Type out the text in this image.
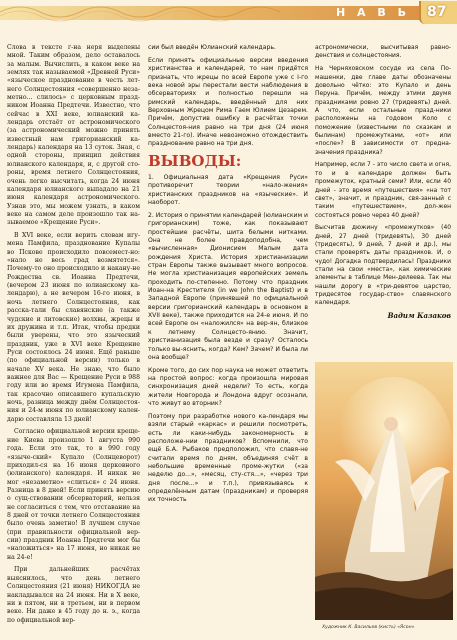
Н А В Ь 87

Слова в тексте г-на неря выделены мной. Таким образом, дело оставалось за малым. Вычислить, в каком веке на землях так называемой «Древней Руси» «языческое празднование в честь лет-него Солнцестояния «совершенно неза-метно... слилось» с церковным празд-ником Иоанна Предтечи. Известно, что сейчас в XXI веке, юлианский ка-лендарь отстаёт от астрономического (за астрономический можно принять известный нам григорианский ка-лендарь) календаря на 13 суток. Зная, с одной стороны, принцип действия юлианского календаря, и, с другой сто-роны, время летнего Солнцестояния, очень легко высчитать, когда 24 июня календаря юлианского выпадало на 21 июня календаря астрономического. Узнав это, мы можем узнать, в каком веке на самом деле произошло так на-зываемое «Крещение Руси».

В XVI веке, если верить словам игу-мена Памфила, празднование Купалы во Пскове происходило повсемест-но: «нало не весь град возмятется». Почему-то оно происходило и накану-не Рождества св. Иоанна Предтечи, (вечером 23 июня по юлианскому ка-лендарю), а не вечером 16-го июня, в ночь летнего Солнцестояния, как расска-тали бы славянские (а также чудские и литовские) волхвы, жрецы и их дружина и т.п. Итак, чтобы предки были уверены, что это языческий праздник, уже в XVI веке Крещение Руси состоялось 24 июня. Ещё раньше (по официальной версии) только в начале XV века. Не знаю, что было важнее для Вас — Крещение Руси в 988 году или во время Игумена Памфила, так красочно описавшего купальскую ночь, разница между днём Солнцестоя-ния и 24-м июня по юлианскому кален-дарю составляла 13 дней!

Согласно официальной версии креще-ние Киева произошло 1 августа 990 года. Если это так, то в 990 году «языче-ский» Купало (Солнцеворот) приходил-ся на 16 июня церковного (юлианского) календаря. И никак не мог «незаметно» «слиться» с 24 июня. Разница в 8 дней! Если принять версию о сущ-ствовании обсерваторий, нельзя не согласиться с тем, что отставание на 8 дней от точки летнего Солнцестояния было очень заметно! В лучшем случае (при правильности официальной вер-сии) праздник Иоанна Предтечи мог бы «наложиться» на 17 июня, но никак не на 24-е!

При дальнейших расчётах выяснилось, что день летнего Солнцестояния (21 июня) НИКОГДА не накладывался на 24 июня. Ни в X веке, ни в пятом, ни в третьем, ни в первом веке. Ни даже в 45 году до н. э., когда по официальной вер-

сии был введён Юлианский календарь.

Если принять официальные версии введения христианства и календарей, то нам придётся признать, что жрецы по всей Европе уже с I-го века новой эры перестали вести наблюдения в обсерваториях и полностью перешли на римский календарь, введённый для них Верховным Жрецом Рима Гаем Юлием Цезарем. Причём, допустив ошибку в расчётах точки Солнцестоя-ния равно на три дня (24 июня вместо 21-го). Иначе невозможно отождествить празднование равно на три дня.

ВЫВОДЫ:

1. Официальная дата «Крещения Руси» противоречит теории «нало-жения» христианских праздников на «языческие». И наоборот.

2. История о принятии календарей (юлианским и григорианским) тоже, как показывают простейшие расчёты, шита белыми нитками. Она не более правдоподобна, чем «вычисленная» Дионисием Малым дата рождения Христа. История христианизации стран Европы также вызывает много вопросов. Не могла христианизация европейских земель проходить по-степенно. Потому что праздник Иоан-на Крестителя (in we John the Baptist) и в Западной Европе (принявшей по официальной версии григорианский календарь в основном в XVII веке), также приходится на 24-е июня. И по всей Европе он «наложился» на вер-ян, близкое к летнему Солнцесто-янию. Значит, христианизация была везде и сразу? Осталось только вы-яснить, когда? Кем? Зачем? И была ли она вообще?

Кроме того, до сих пор наука не может ответить на простой вопрос: когда произошла мировая синхронизация дней недели? То есть, когда жители Новгорода и Лондона вдруг осознали, что живут во вторник?

Поэтому при разработке нового ка-лендаря мы взяли старый «каркас» и решили посмотреть, есть ли каки-нибудь закономерность в расположе-нии праздников? Вспомнили, что ещё Б.А. Рыбаков предположил, что славя-не считали время по дням, объединяя счёт в небольшие временные проме-жутки («за неделю до...», «месяц, сту-стя...», «через три дня после...» и т.п.), привязываясь к определённым датам (праздникам) и проверяя их точность

астрономически, высчитывая равно-денствия и солнцестояния.

На Черняховском сосуде из села По-машенки, две главе даты обозначены довольно чётко: это Купало и день Перуна. Причём, между этими двумя праздниками ровно 27 (тридевять) дней. А что, если остальные празд-ники расположены на годовом Коло с поможение (известными по сказкам и былинам) промежутками, «от» или «после»? В зависимости от предна-значения праздника?

Например, если 7 - это число света и огня, то и в календаре должен быть промежуток, кратный семи? Или, если 40 дней - это время «путешествия» «на тот свет», значит, и праздник, свя-занный с таким «путешествием», дол-жен состояться ровно через 40 дней?

Высчитав дюжину «промежутков» (40 дней, 27 дней (тридевять), 30 дней (тридесять), 9 дней, 7 дней и др.), мы стали проверять даты праздников. И, о чудо! Догадка подтвердилась! Праздники стали на свои «места», как химические элементы в таблице Мен-делеева. Так мы нашли дорогу в «три-девятое царство, тридесятое государ-ство» славянского календаря.

Вадим Казаков
Художник К. Васильев (кисть) «Ясон»
